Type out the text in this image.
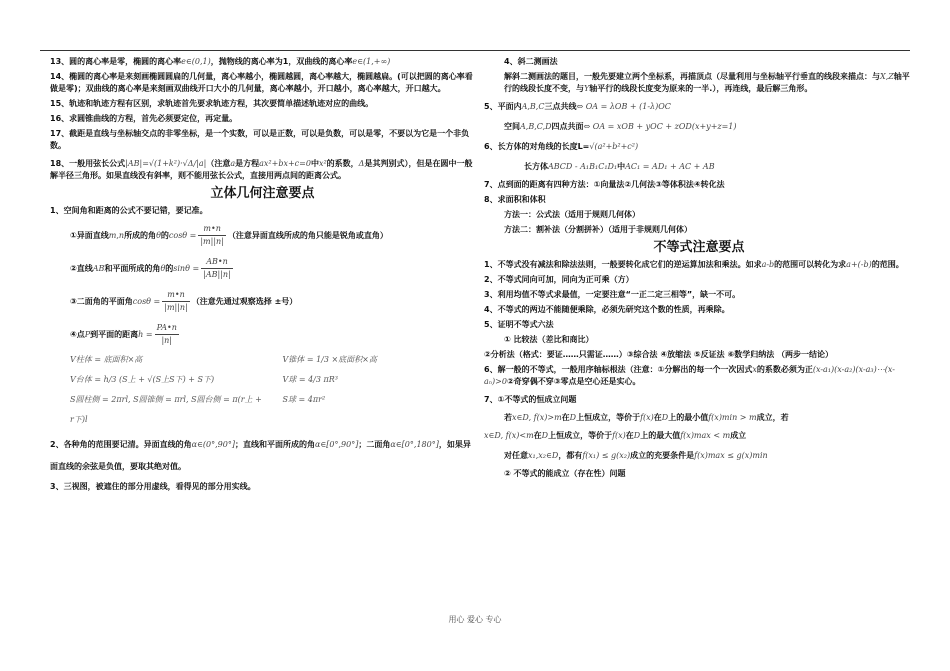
13、圆的离心率是零，椭圆的离心率e∈(0,1)，抛物线的离心率为1，双曲线的离心率e∈(1,+∞)

14、椭圆的离心率是来刻画椭圆圆扁的几何量，离心率越小，椭圆越圆，离心率越大，椭圆越扁。(可以把圆的离心率看做是零)；双曲线的离心率是来刻画双曲线开口大小的几何量，离心率越小，开口越小，离心率越大，开口越大。

15、轨迹和轨迹方程有区别，求轨迹首先要求轨迹方程，其次要简单描述轨迹对应的曲线。

16、求圆锥曲线的方程，首先必须要定位，再定量。

17、截距是直线与坐标轴交点的非零坐标，是一个实数，可以是正数，可以是负数，可以是零，不要以为它是一个非负数。

18、一般用弦长公式|AB|=√(1+k²)·√Δ/|a|（注意a是方程ax²+bx+c=0中x²的系数，Δ是其判别式），但是在圆中一般解半径三角形。如果直线没有斜率，则不能用弦长公式，直接用两点间的距离公式。

立体几何注意要点

1、空间角和距离的公式不要记错，要记准。

①异面直线m,n所成的角θ的$\cos\theta = \frac{m•n}{|m||n|}$ （注意异面直线所成的角只能是锐角或直角）

②直线AB和平面所成的角θ的$\sin\theta = \frac{AB•n}{|AB||n|}$

③二面角的平面角$\cos\theta = \frac{m•n}{|m||n|}$ （注意先通过观察选择 ±号）

④点P到平面的距离$h = \frac{PA•n}{|n|}$

V柱体 = 底面积×高	V锥体 = 1/3 ×底面积×高
V台体 = h/3 (S上 + √(S上S下) + S下)	V球 = 4/3 πR³
S圆柱侧 = 2πrl, S圆锥侧 = πrl, S圆台侧 = π(r上 + r下)l
S球 = 4πr²

2、各种角的范围要记清。异面直线的角α∈(0°,90°]；直线和平面所成的角α∈[0°,90°]；二面角α∈[0°,180°]，如果异面直线的余弦是负值，要取其绝对值。

3、三视图，被遮住的部分用虚线，看得见的部分用实线。

4、斜二测画法

解斜二测画法的题目，一般先要建立两个坐标系，再描顶点（尽量利用与坐标轴平行垂直的线段来描点：与X,Z轴平行的线段长度不变，与Y轴平行的线段长度变为原来的一半.），再连线，最后解三角形。

5、平面内A,B,C三点共线⇔ OA = λOB + (1-λ)OC

空间A,B,C,D四点共面⇔ OA = xOB + yOC + zOD(x+y+z=1)

6、长方体的对角线的长度L=√(a²+b²+c²)

长方体ABCD - A₁B₁C₁D₁中AC₁ = AD₁ + AC + AB

7、点到面的距离有四种方法：①向量法②几何法③等体积法④转化法

8、求面积和体积

方法一：公式法（适用于规则几何体）

方法二：割补法（分割拼补）（适用于非规则几何体）

不等式注意要点

1、不等式没有减法和除法法则，一般要转化成它们的逆运算加法和乘法。如求a-b的范围可以转化为求a+(-b)的范围。

2、不等式同向可加，同向为正可乘（方）

3、利用均值不等式求最值，一定要注意“一正二定三相等”，缺一不可。

4、不等式的两边不能随便乘除，必须先研究这个数的性质，再乘除。

5、证明不等式六法

① 比较法（差比和商比）

②分析法（格式：要证……只需证……）③综合法 ④放缩法 ⑤反证法 ⑥数学归纳法 （两步一结论）

6、解一般的不等式，一般用序轴标根法（注意：①分解出的每一个一次因式x的系数必须为正(x-a₁)(x-a₂)(x-a₃)⋯(x-aₙ)>0②奇穿偶不穿③零点是空心还是实心。

7、①不等式的恒成立问题

若x∈D, f(x)>m在D上恒成立，等价于f(x)在D上的最小值f(x)min > m成立，若

x∈D, f(x)<m在D上恒成立，等价于f(x)在D上的最大值f(x)max < m成立

对任意x₁,x₂∈D，都有f(x₁) ≤ g(x₂)成立的充要条件是f(x)max ≤ g(x)min

② 不等式的能成立（存在性）问题

用心 爱心 专心
